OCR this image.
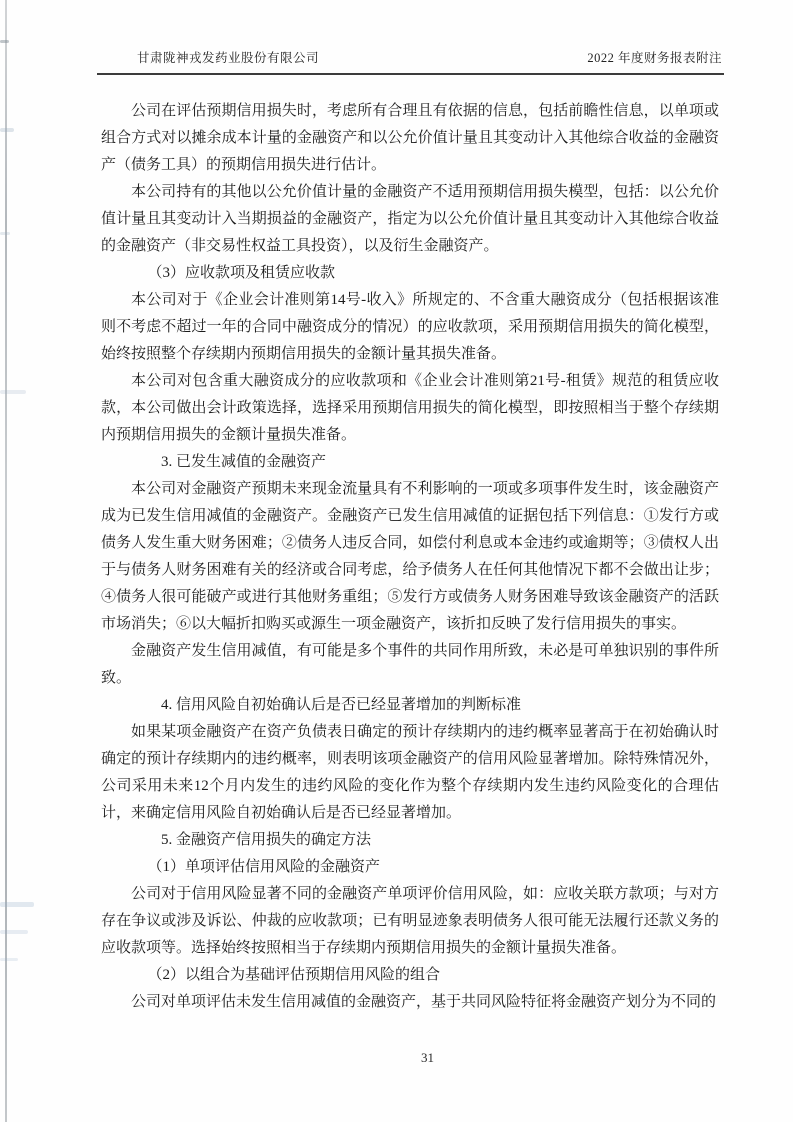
甘肃陇神戎发药业股份有限公司	2022 年度财务报表附注

公司在评估预期信用损失时，考虑所有合理且有依据的信息，包括前瞻性信息，以单项或组合方式对以摊余成本计量的金融资产和以公允价值计量且其变动计入其他综合收益的金融资产（债务工具）的预期信用损失进行估计。

本公司持有的其他以公允价值计量的金融资产不适用预期信用损失模型，包括：以公允价值计量且其变动计入当期损益的金融资产，指定为以公允价值计量且其变动计入其他综合收益的金融资产（非交易性权益工具投资），以及衍生金融资产。

（3）应收款项及租赁应收款

本公司对于《企业会计准则第14号-收入》所规定的、不含重大融资成分（包括根据该准则不考虑不超过一年的合同中融资成分的情况）的应收款项，采用预期信用损失的简化模型，始终按照整个存续期内预期信用损失的金额计量其损失准备。

本公司对包含重大融资成分的应收款项和《企业会计准则第21号-租赁》规范的租赁应收款，本公司做出会计政策选择，选择采用预期信用损失的简化模型，即按照相当于整个存续期内预期信用损失的金额计量损失准备。

3. 已发生减值的金融资产

本公司对金融资产预期未来现金流量具有不利影响的一项或多项事件发生时，该金融资产成为已发生信用减值的金融资产。金融资产已发生信用减值的证据包括下列信息：①发行方或债务人发生重大财务困难；②债务人违反合同，如偿付利息或本金违约或逾期等；③债权人出于与债务人财务困难有关的经济或合同考虑，给予债务人在任何其他情况下都不会做出让步；④债务人很可能破产或进行其他财务重组；⑤发行方或债务人财务困难导致该金融资产的活跃市场消失；⑥以大幅折扣购买或源生一项金融资产，该折扣反映了发行信用损失的事实。

金融资产发生信用减值，有可能是多个事件的共同作用所致，未必是可单独识别的事件所致。

4. 信用风险自初始确认后是否已经显著增加的判断标准

如果某项金融资产在资产负债表日确定的预计存续期内的违约概率显著高于在初始确认时确定的预计存续期内的违约概率，则表明该项金融资产的信用风险显著增加。除特殊情况外，公司采用未来12个月内发生的违约风险的变化作为整个存续期内发生违约风险变化的合理估计，来确定信用风险自初始确认后是否已经显著增加。

5. 金融资产信用损失的确定方法

（1）单项评估信用风险的金融资产

公司对于信用风险显著不同的金融资产单项评价信用风险，如：应收关联方款项；与对方存在争议或涉及诉讼、仲裁的应收款项；已有明显迹象表明债务人很可能无法履行还款义务的应收款项等。选择始终按照相当于存续期内预期信用损失的金额计量损失准备。

（2）以组合为基础评估预期信用风险的组合

公司对单项评估未发生信用减值的金融资产，基于共同风险特征将金融资产划分为不同的

31
